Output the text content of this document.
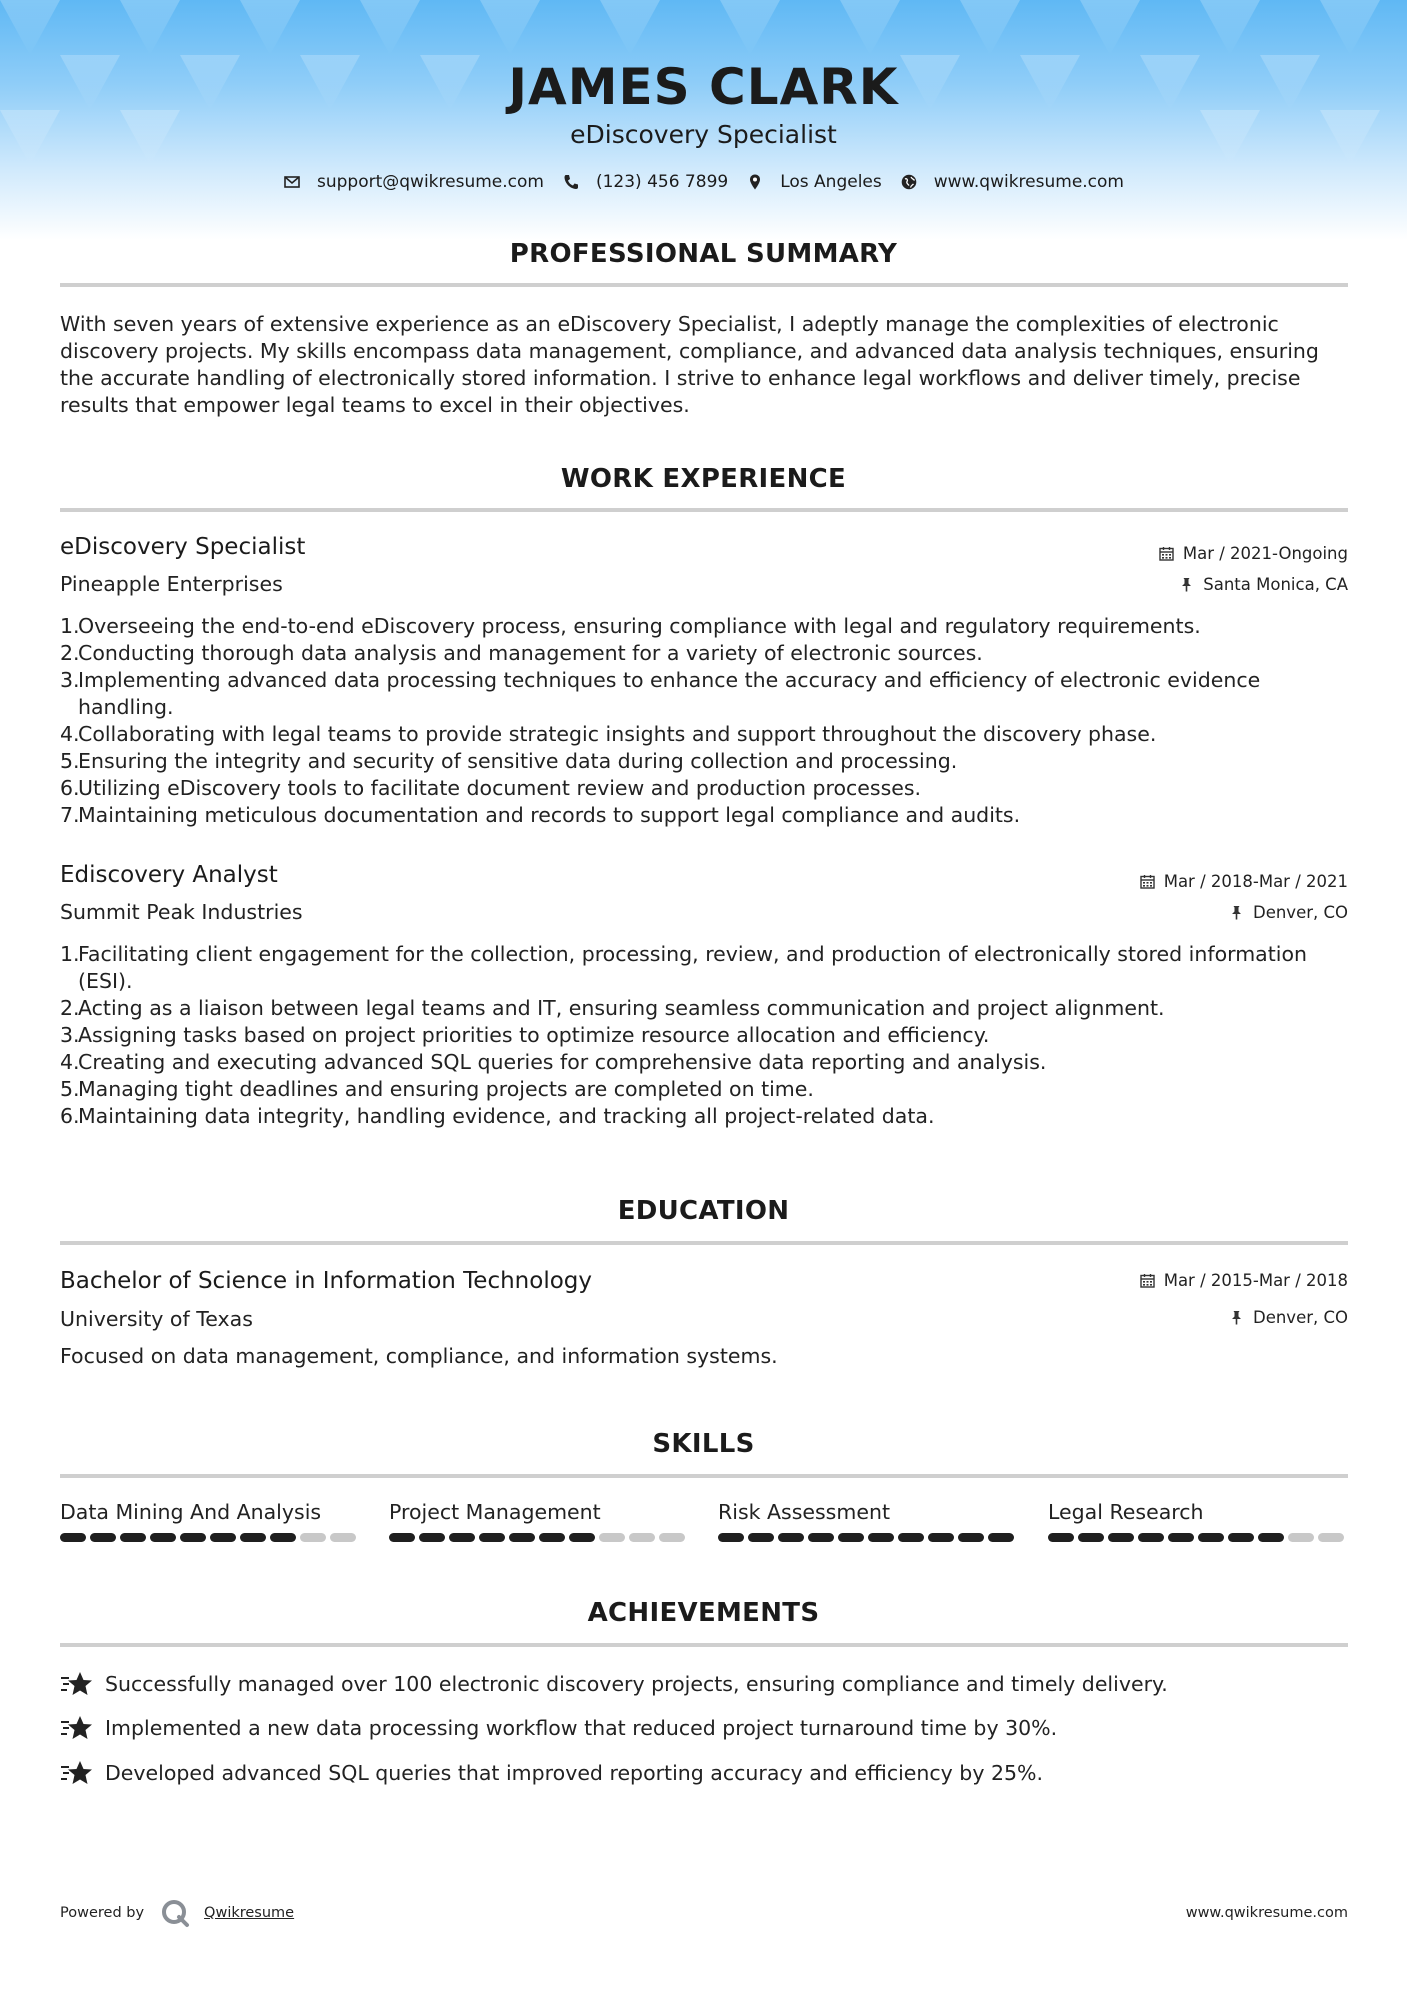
JAMES CLARK
eDiscovery Specialist
support@qwikresume.com	(123) 456 7899	Los Angeles	www.qwikresume.com
PROFESSIONAL SUMMARY
With seven years of extensive experience as an eDiscovery Specialist, I adeptly manage the complexities of electronic
discovery projects. My skills encompass data management, compliance, and advanced data analysis techniques, ensuring
the accurate handling of electronically stored information. I strive to enhance legal workflows and deliver timely, precise
results that empower legal teams to excel in their objectives.
WORK EXPERIENCE
eDiscovery Specialist	Mar / 2021-Ongoing
Pineapple Enterprises	Santa Monica, CA
1.
Overseeing the end-to-end eDiscovery process, ensuring compliance with legal and regulatory requirements.
2.
Conducting thorough data analysis and management for a variety of electronic sources.
3.
Implementing advanced data processing techniques to enhance the accuracy and efficiency of electronic evidence
handling.
4.
Collaborating with legal teams to provide strategic insights and support throughout the discovery phase.
5.
Ensuring the integrity and security of sensitive data during collection and processing.
6.
Utilizing eDiscovery tools to facilitate document review and production processes.
7.
Maintaining meticulous documentation and records to support legal compliance and audits.
Ediscovery Analyst	Mar / 2018-Mar / 2021
Summit Peak Industries	Denver, CO
1.
Facilitating client engagement for the collection, processing, review, and production of electronically stored information
(ESI).
2.
Acting as a liaison between legal teams and IT, ensuring seamless communication and project alignment.
3.
Assigning tasks based on project priorities to optimize resource allocation and efficiency.
4.
Creating and executing advanced SQL queries for comprehensive data reporting and analysis.
5.
Managing tight deadlines and ensuring projects are completed on time.
6.
Maintaining data integrity, handling evidence, and tracking all project-related data.
EDUCATION
Bachelor of Science in Information Technology	Mar / 2015-Mar / 2018
University of Texas	Denver, CO
Focused on data management, compliance, and information systems.
SKILLS
Data Mining And Analysis	Project Management	Risk Assessment	Legal Research
ACHIEVEMENTS
Successfully managed over 100 electronic discovery projects, ensuring compliance and timely delivery.
Implemented a new data processing workflow that reduced project turnaround time by 30%.
Developed advanced SQL queries that improved reporting accuracy and efficiency by 25%.
Powered by	Qwikresume	www.qwikresume.com
